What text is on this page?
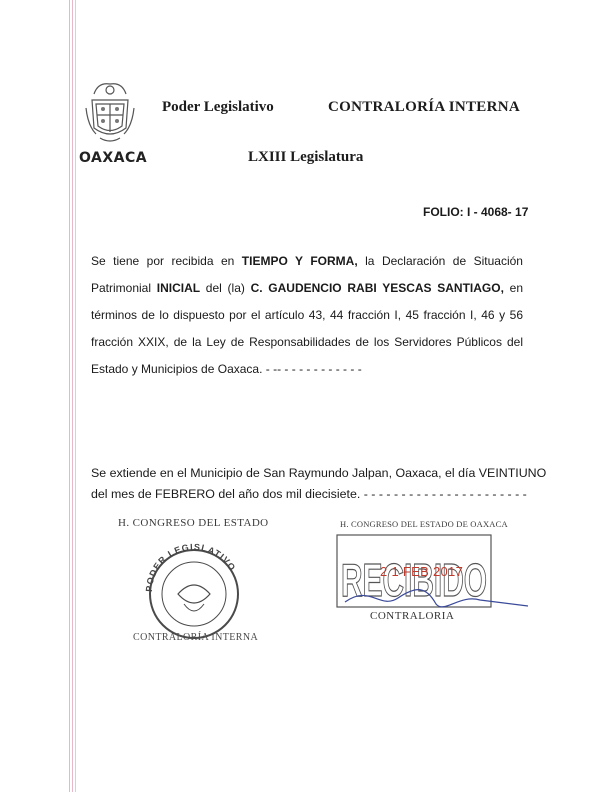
OAXACA
Poder Legislativo	CONTRALORÍA INTERNA
LXIII Legislatura
FOLIO: I - 4068- 17
Se tiene por recibida en TIEMPO Y FORMA, la Declaración de Situación
Patrimonial INICIAL del (la) C. GAUDENCIO RABI YESCAS SANTIAGO, en
términos de lo dispuesto por el artículo 43, 44 fracción I, 45 fracción I, 46 y 56
fracción XXIX, de la Ley de Responsabilidades de los Servidores Públicos del
Estado y Municipios de Oaxaca. - -- - - - - - - - - - - -
Se extiende en el Municipio de San Raymundo Jalpan, Oaxaca, el día VEINTIUNO
del mes de FEBRERO del año dos mil diecisiete. - - - - - - - - - - - - - - - - - - - - - -
H. CONGRESO DEL ESTADO
PODER LEGISLATIVO
CONTRALORÍA INTERNA
H. CONGRESO DEL ESTADO DE OAXACA
RECIBIDO
2 1 FEB 2017
CONTRALORIA
